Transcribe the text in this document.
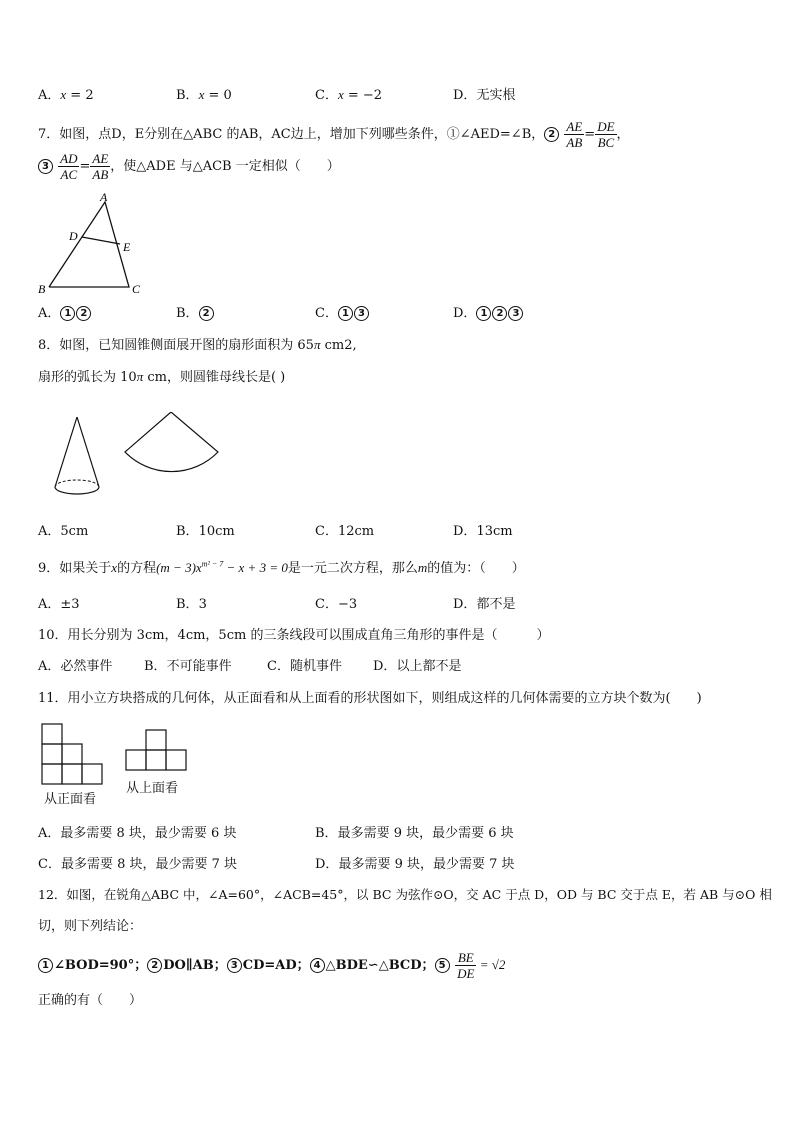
A．x = 2	B．x = 0	C．x = −2	D．无实根
7．如图，点D，E分别在△ABC 的AB，AC边上，增加下列哪些条件，①∠AED=∠B， $2 \frac{AE}{AB} = \frac{DE}{BC}$ ，
$3 \frac{AD}{AC} = \frac{AE}{AB}$ ，使△ADE 与△ACB 一定相似（　　）
A
D
E
B	C
A． 1 2	B． 2	C． 1 3	D． 1 2 3
8．如图，已知圆锥侧面展开图的扇形面积为 65π cm2,
扇形的弧长为 10π cm，则圆锥母线长是( )
A．5cm	B．10cm	C．12cm	D．13cm
9．如果关于x的方程$(m - 3)x^{m^2 - 7} - x + 3 = 0$是一元二次方程，那么m的值为：（　　）
A．±3	B．3	C．−3	D．都不是
10．用长分别为 3cm，4cm，5cm 的三条线段可以围成直角三角形的事件是（　　　）
A．必然事件 B．不可能事件	C．随机事件 D．以上都不是
11．用小立方块搭成的几何体，从正面看和从上面看的形状图如下，则组成这样的几何体需要的立方块个数为(　　)
从正面看
从上面看
A．最多需要 8 块，最少需要 6 块	B．最多需要 9 块，最少需要 6 块
C．最多需要 8 块，最少需要 7 块	D．最多需要 9 块，最少需要 7 块
12．如图，在锐角△ABC 中，∠A=60°，∠ACB=45°，以 BC 为弦作⊙O，交 AC 于点 D，OD 与 BC 交于点 E，若 AB 与⊙O 相
切，则下列结论：
1 ∠BOD=90°； 2 DO∥AB； 3 CD=AD； 4 △BDE∽△BCD； $5 \frac{BE}{DE} = √2$
正确的有（　　）
